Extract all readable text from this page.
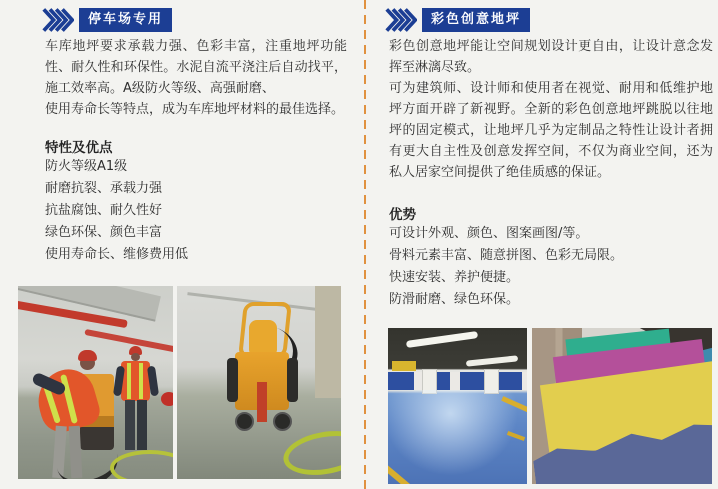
停车场专用

车库地坪要求承载力强、色彩丰富，注重地坪功能性、耐久性和环保性。水泥自流平浇注后自动找平，施工效率高。A级防火等级、高强耐磨、

使用寿命长等特点，成为车库地坪材料的最佳选择。

特性及优点
防火等级A1级
耐磨抗裂、承载力强
抗盐腐蚀、耐久性好
绿色环保、颜色丰富
使用寿命长、维修费用低
彩色创意地坪

彩色创意地坪能让空间规划设计更自由，让设计意念发挥至淋漓尽致。

可为建筑师、设计师和使用者在视觉、耐用和低维护地坪方面开辟了新视野。全新的彩色创意地坪跳脱以往地坪的固定模式，让地坪几乎为定制品之特性让设计者拥有更大自主性及创意发挥空间，不仅为商业空间，还为私人居家空间提供了绝佳质感的保证。

优势
可设计外观、颜色、图案画图/等。
骨料元素丰富、随意拼图、色彩无局限。
快速安装、养护便捷。
防滑耐磨、绿色环保。
